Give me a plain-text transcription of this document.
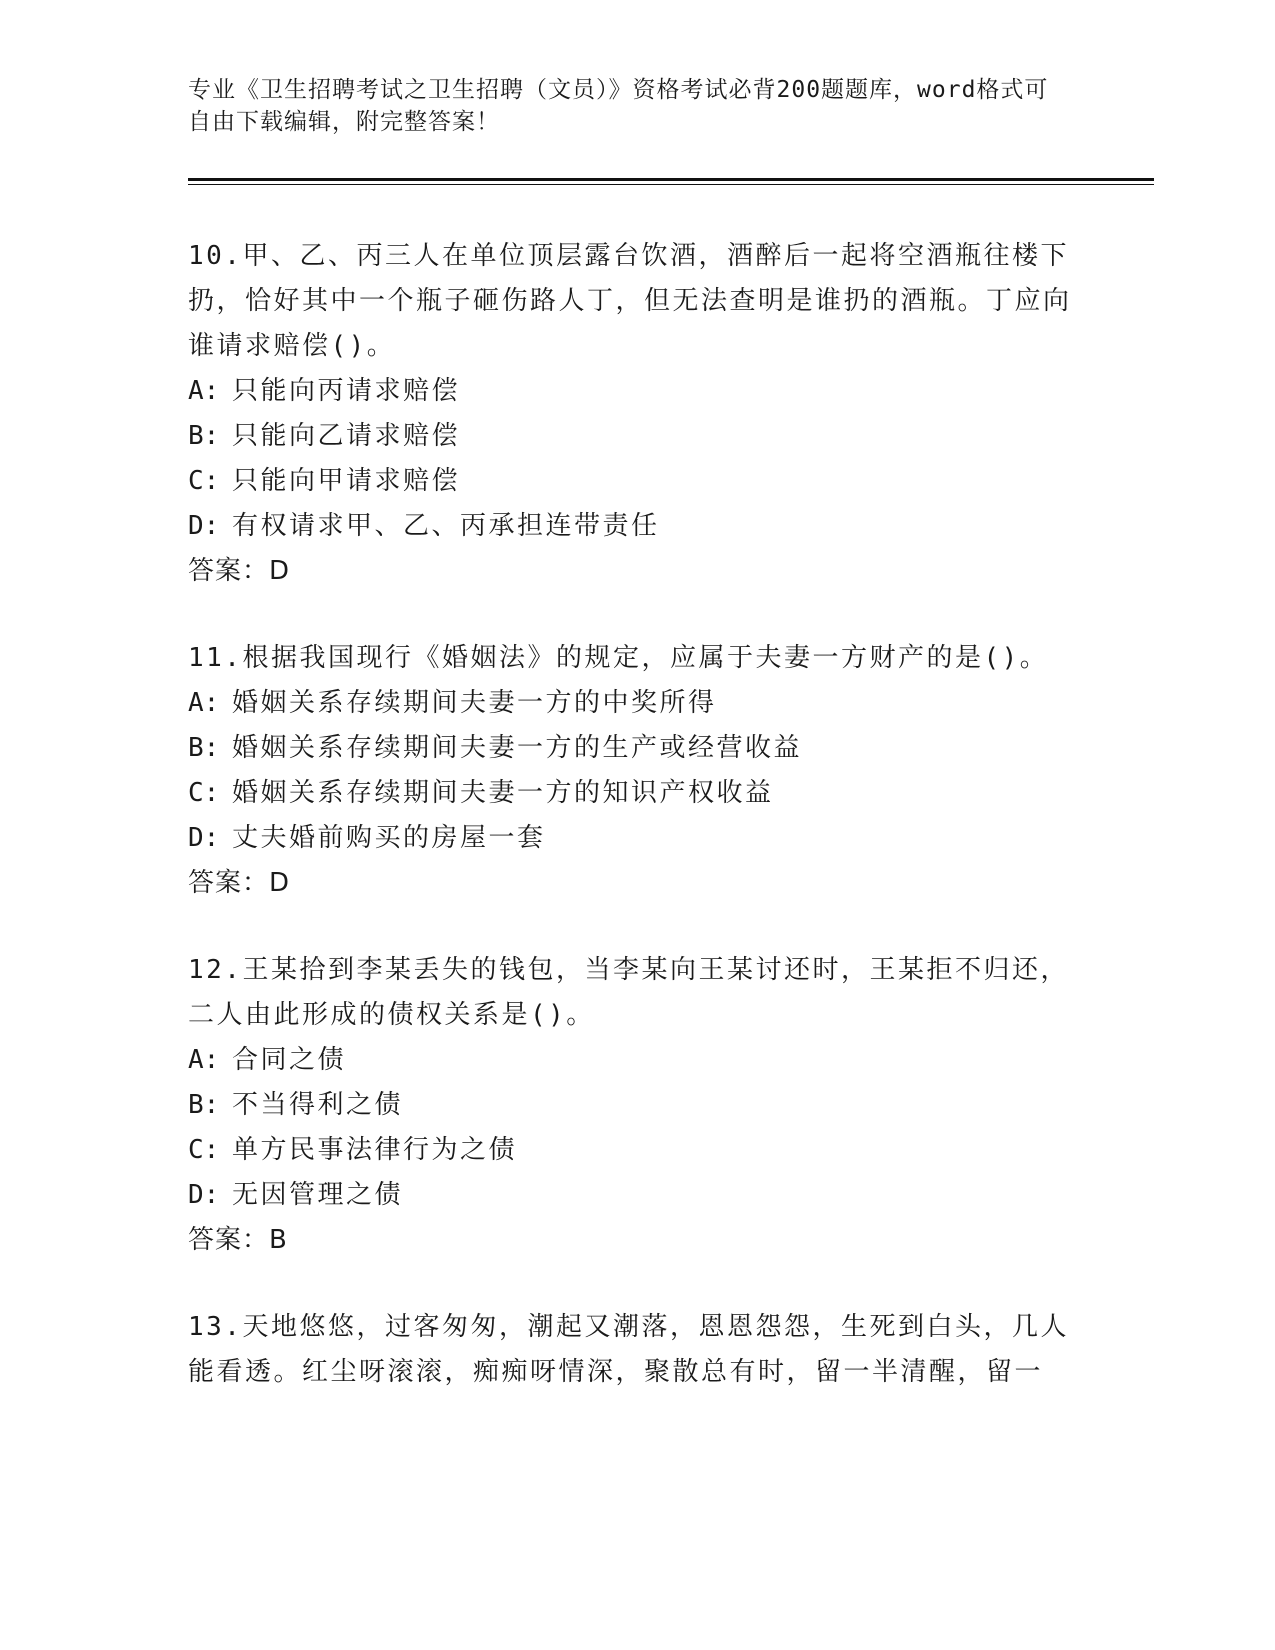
专业《卫生招聘考试之卫生招聘（文员）》资格考试必背200题题库，word格式可自由下载编辑，附完整答案！

10.甲、乙、丙三人在单位顶层露台饮酒，酒醉后一起将空酒瓶往楼下扔，恰好其中一个瓶子砸伤路人丁，但无法查明是谁扔的酒瓶。丁应向谁请求赔偿()。

A: 只能向丙请求赔偿

B: 只能向乙请求赔偿

C: 只能向甲请求赔偿

D: 有权请求甲、乙、丙承担连带责任

答案：D

11.根据我国现行《婚姻法》的规定，应属于夫妻一方财产的是()。

A: 婚姻关系存续期间夫妻一方的中奖所得

B: 婚姻关系存续期间夫妻一方的生产或经营收益

C: 婚姻关系存续期间夫妻一方的知识产权收益

D: 丈夫婚前购买的房屋一套

答案：D

12.王某拾到李某丢失的钱包，当李某向王某讨还时，王某拒不归还，二人由此形成的债权关系是()。

A: 合同之债

B: 不当得利之债

C: 单方民事法律行为之债

D: 无因管理之债

答案：B

13.天地悠悠，过客匆匆，潮起又潮落，恩恩怨怨，生死到白头，几人能看透。红尘呀滚滚，痴痴呀情深，聚散总有时，留一半清醒，留一
